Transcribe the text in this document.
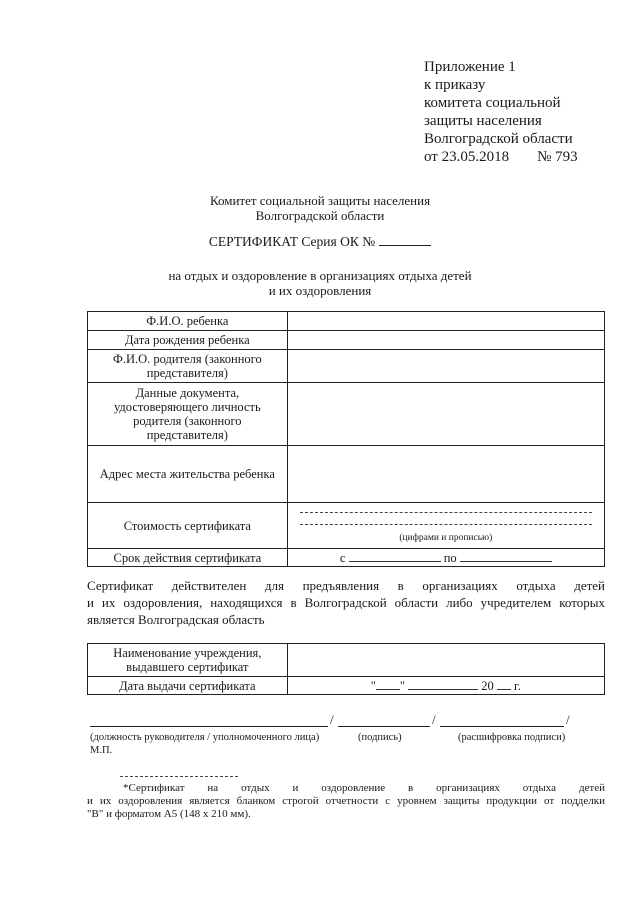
Приложение 1
к приказу
комитета социальной
защиты населения
Волгоградской области
от 23.05.2018 № 793
Комитет социальной защиты населения
Волгоградской области
СЕРТИФИКАТ Серия ОК №
на отдых и оздоровление в организациях отдыха детей
и их оздоровления
Ф.И.О. ребенка	
Дата рождения ребенка	
Ф.И.О. родителя (законного представителя)	
Данные документа, удостоверяющего личность родителя (законного представителя)	
Адрес места жительства ребенка	
Стоимость сертификата	(цифрами и прописью)

Срок действия сертификата	с по
Сертификат действителен для предъявления в организациях отдыха детей
и их оздоровления, находящихся в Волгоградской области либо учредителем которых
является Волгоградская область
Наименование учреждения, выдавшего сертификат	
Дата выдачи сертификата	" " 20 г.
/	/	/
(должность руководителя / уполномоченного лица)	(подпись)	(расшифровка подписи)
М.П.
*Сертификат на отдых и оздоровление в организациях отдыха детей
и их оздоровления является бланком строгой отчетности с уровнем защиты продукции от подделки
"В" и форматом А5 (148 x 210 мм).
